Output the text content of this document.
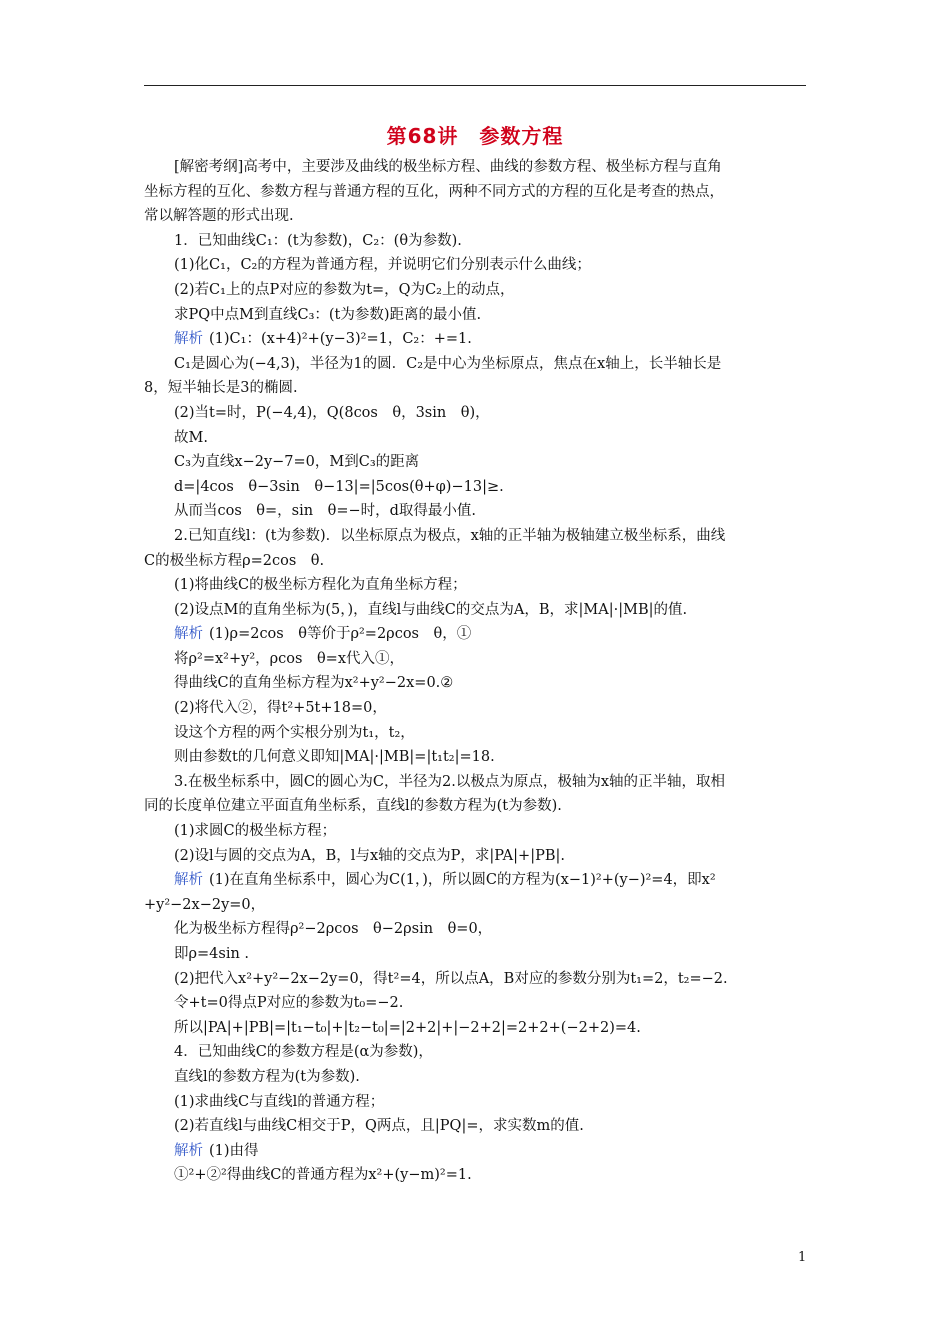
第68讲　参数方程
[解密考纲]高考中，主要涉及曲线的极坐标方程、曲线的参数方程、极坐标方程与直角
坐标方程的互化、参数方程与普通方程的互化，两种不同方式的方程的互化是考查的热点，
常以解答题的形式出现.
1．已知曲线C₁：(t为参数)，C₂：(θ为参数).
(1)化C₁，C₂的方程为普通方程，并说明它们分别表示什么曲线；
(2)若C₁上的点P对应的参数为t=，Q为C₂上的动点，
求PQ中点M到直线C₃：(t为参数)距离的最小值.
解析 (1)C₁：(x+4)²+(y−3)²=1，C₂：+=1.
C₁是圆心为(−4,3)，半径为1的圆．C₂是中心为坐标原点，焦点在x轴上，长半轴长是
8，短半轴长是3的椭圆.
(2)当t=时，P(−4,4)，Q(8cos　θ，3sin　θ)，
故M.
C₃为直线x−2y−7=0，M到C₃的距离
d=|4cos　θ−3sin　θ−13|=|5cos(θ+φ)−13|≥.
从而当cos　θ=，sin　θ=−时，d取得最小值.
2.已知直线l：(t为参数)．以坐标原点为极点，x轴的正半轴为极轴建立极坐标系，曲线
C的极坐标方程ρ=2cos　θ.
(1)将曲线C的极坐标方程化为直角坐标方程；
(2)设点M的直角坐标为(5，)，直线l与曲线C的交点为A，B，求|MA|·|MB|的值.
解析 (1)ρ=2cos　θ等价于ρ²=2ρcos　θ，①
将ρ²=x²+y²，ρcos　θ=x代入①，
得曲线C的直角坐标方程为x²+y²−2x=0.②
(2)将代入②，得t²+5t+18=0，
设这个方程的两个实根分别为t₁，t₂，
则由参数t的几何意义即知|MA|·|MB|=|t₁t₂|=18.
3.在极坐标系中，圆C的圆心为C，半径为2.以极点为原点，极轴为x轴的正半轴，取相
同的长度单位建立平面直角坐标系，直线l的参数方程为(t为参数).
(1)求圆C的极坐标方程；
(2)设l与圆的交点为A，B，l与x轴的交点为P，求|PA|+|PB|.
解析 (1)在直角坐标系中，圆心为C(1，)，所以圆C的方程为(x−1)²+(y−)²=4，即x²
+y²−2x−2y=0，
化为极坐标方程得ρ²−2ρcos　θ−2ρsin　θ=0，
即ρ=4sin .
(2)把代入x²+y²−2x−2y=0，得t²=4，所以点A，B对应的参数分别为t₁=2，t₂=−2.
令+t=0得点P对应的参数为t₀=−2.
所以|PA|+|PB|=|t₁−t₀|+|t₂−t₀|=|2+2|+|−2+2|=2+2+(−2+2)=4.
4．已知曲线C的参数方程是(α为参数)，
直线l的参数方程为(t为参数).
(1)求曲线C与直线l的普通方程；
(2)若直线l与曲线C相交于P，Q两点，且|PQ|=，求实数m的值.
解析 (1)由得
①²+②²得曲线C的普通方程为x²+(y−m)²=1.
1
